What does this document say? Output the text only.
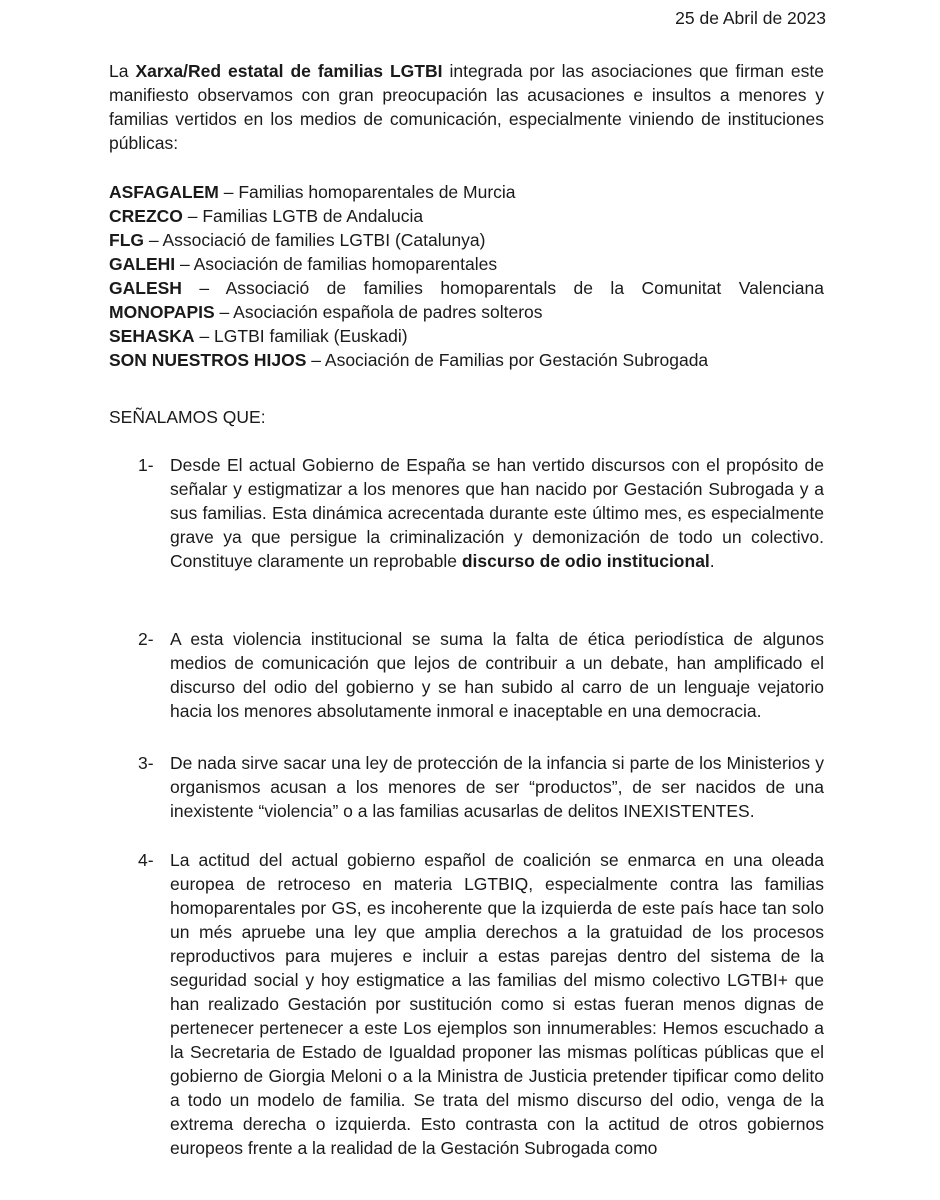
25 de Abril de 2023

La Xarxa/Red estatal de familias LGTBI integrada por las asociaciones que firman este manifiesto observamos con gran preocupación las acusaciones e insultos a menores y familias vertidos en los medios de comunicación, especialmente viniendo de instituciones públicas:

ASFAGALEM – Familias homoparentales de Murcia
CREZCO – Familias LGTB de Andalucia
FLG – Associació de families LGTBI (Catalunya)
GALEHI – Asociación de familias homoparentales
GALESH – Associació de families homoparentals de la Comunitat Valenciana
MONOPAPIS – Asociación española de padres solteros
SEHASKA – LGTBI familiak (Euskadi)
SON NUESTROS HIJOS – Asociación de Familias por Gestación Subrogada
SEÑALAMOS QUE:
1- Desde El actual Gobierno de España se han vertido discursos con el propósito de señalar y estigmatizar a los menores que han nacido por Gestación Subrogada y a sus familias. Esta dinámica acrecentada durante este último mes, es especialmente grave ya que persigue la criminalización y demonización de todo un colectivo. Constituye claramente un reprobable discurso de odio institucional.
2- A esta violencia institucional se suma la falta de ética periodística de algunos medios de comunicación que lejos de contribuir a un debate, han amplificado el discurso del odio del gobierno y se han subido al carro de un lenguaje vejatorio hacia los menores absolutamente inmoral e inaceptable en una democracia.
3- De nada sirve sacar una ley de protección de la infancia si parte de los Ministerios y organismos acusan a los menores de ser “productos”, de ser nacidos de una inexistente “violencia” o a las familias acusarlas de delitos INEXISTENTES.
4- La actitud del actual gobierno español de coalición se enmarca en una oleada europea de retroceso en materia LGTBIQ, especialmente contra las familias homoparentales por GS, es incoherente que la izquierda de este país hace tan solo un més apruebe una ley que amplia derechos a la gratuidad de los procesos reproductivos para mujeres e incluir a estas parejas dentro del sistema de la seguridad social y hoy estigmatice a las familias del mismo colectivo LGTBI+ que han realizado Gestación por sustitución como si estas fueran menos dignas de pertenecer pertenecer a este Los ejemplos son innumerables: Hemos escuchado a la Secretaria de Estado de Igualdad proponer las mismas políticas públicas que el gobierno de Giorgia Meloni o a la Ministra de Justicia pretender tipificar como delito a todo un modelo de familia. Se trata del mismo discurso del odio, venga de la extrema derecha o izquierda. Esto contrasta con la actitud de otros gobiernos europeos frente a la realidad de la Gestación Subrogada como
